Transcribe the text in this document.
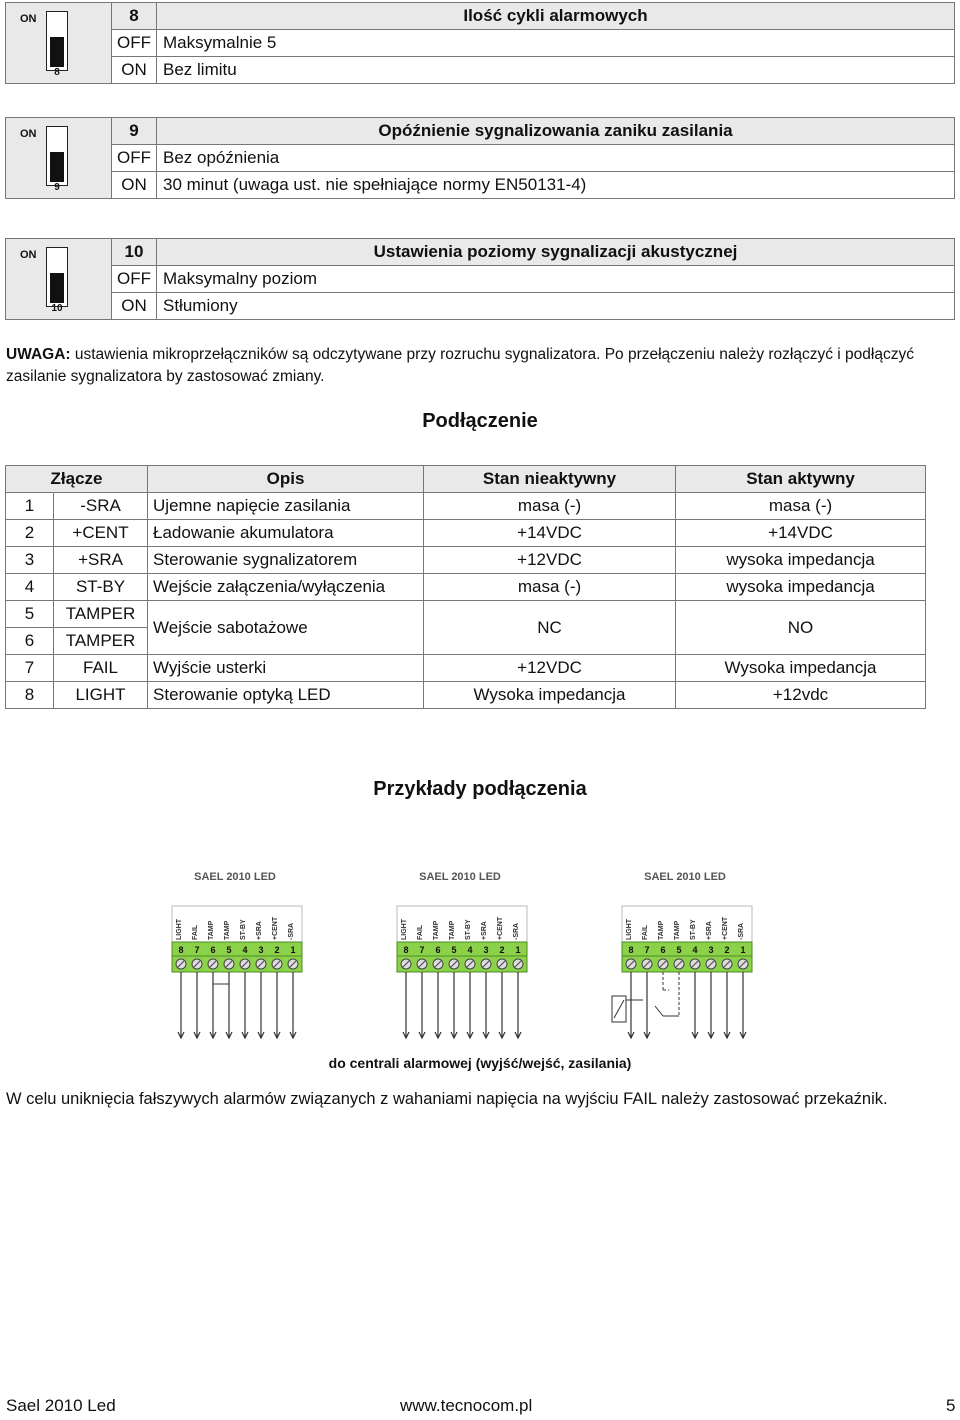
ON
8	8	Ilość cykli alarmowych
	OFF	Maksymalnie 5
	ON	Bez limitu
ON
9	9	Opóźnienie sygnalizowania zaniku zasilania
	OFF	Bez opóźnienia
	ON	30 minut (uwaga ust. nie spełniające normy EN50131-4)
ON
10	10	Ustawienia poziomy sygnalizacji akustycznej
	OFF	Maksymalny poziom
	ON	Stłumiony
UWAGA: ustawienia mikroprzełączników są odczytywane przy rozruchu sygnalizatora. Po przełączeniu należy rozłączyć i podłączyć zasilanie sygnalizatora by zastosować zmiany.
Podłączenie
Złącze		Opis	Stan nieaktywny	Stan aktywny
1	-SRA	Ujemne napięcie zasilania	masa (-)	masa (-)
2	+CENT	Ładowanie akumulatora	+14VDC	+14VDC
3	+SRA	Sterowanie sygnalizatorem	+12VDC	wysoka impedancja
4	ST-BY	Wejście załączenia/wyłączenia	masa (-)	wysoka impedancja
5	TAMPER	Wejście sabotażowe	NC	NO
6	TAMPER			
7	FAIL	Wyjście usterki	+12VDC	Wysoka impedancja
8	LIGHT	Sterowanie optyką LED	Wysoka impedancja	+12vdc
Przykłady podłączenia
SAEL 2010 LED
LIGHT FAIL TAMP TAMP ST-BY +SRA +CENT -SRA
8 7 6 5 4 3 2 1
SAEL 2010 LED
LIGHT FAIL TAMP TAMP ST-BY +SRA +CENT -SRA
8 7 6 5 4 3 2 1
SAEL 2010 LED
LIGHT FAIL TAMP TAMP ST-BY +SRA +CENT -SRA
8 7 6 5 4 3 2 1
do centrali alarmowej (wyjść/wejść, zasilania)
W celu uniknięcia fałszywych alarmów związanych z wahaniami napięcia na wyjściu FAIL należy zastosować przekaźnik.
Sael 2010 Led	www.tecnocom.pl	5
